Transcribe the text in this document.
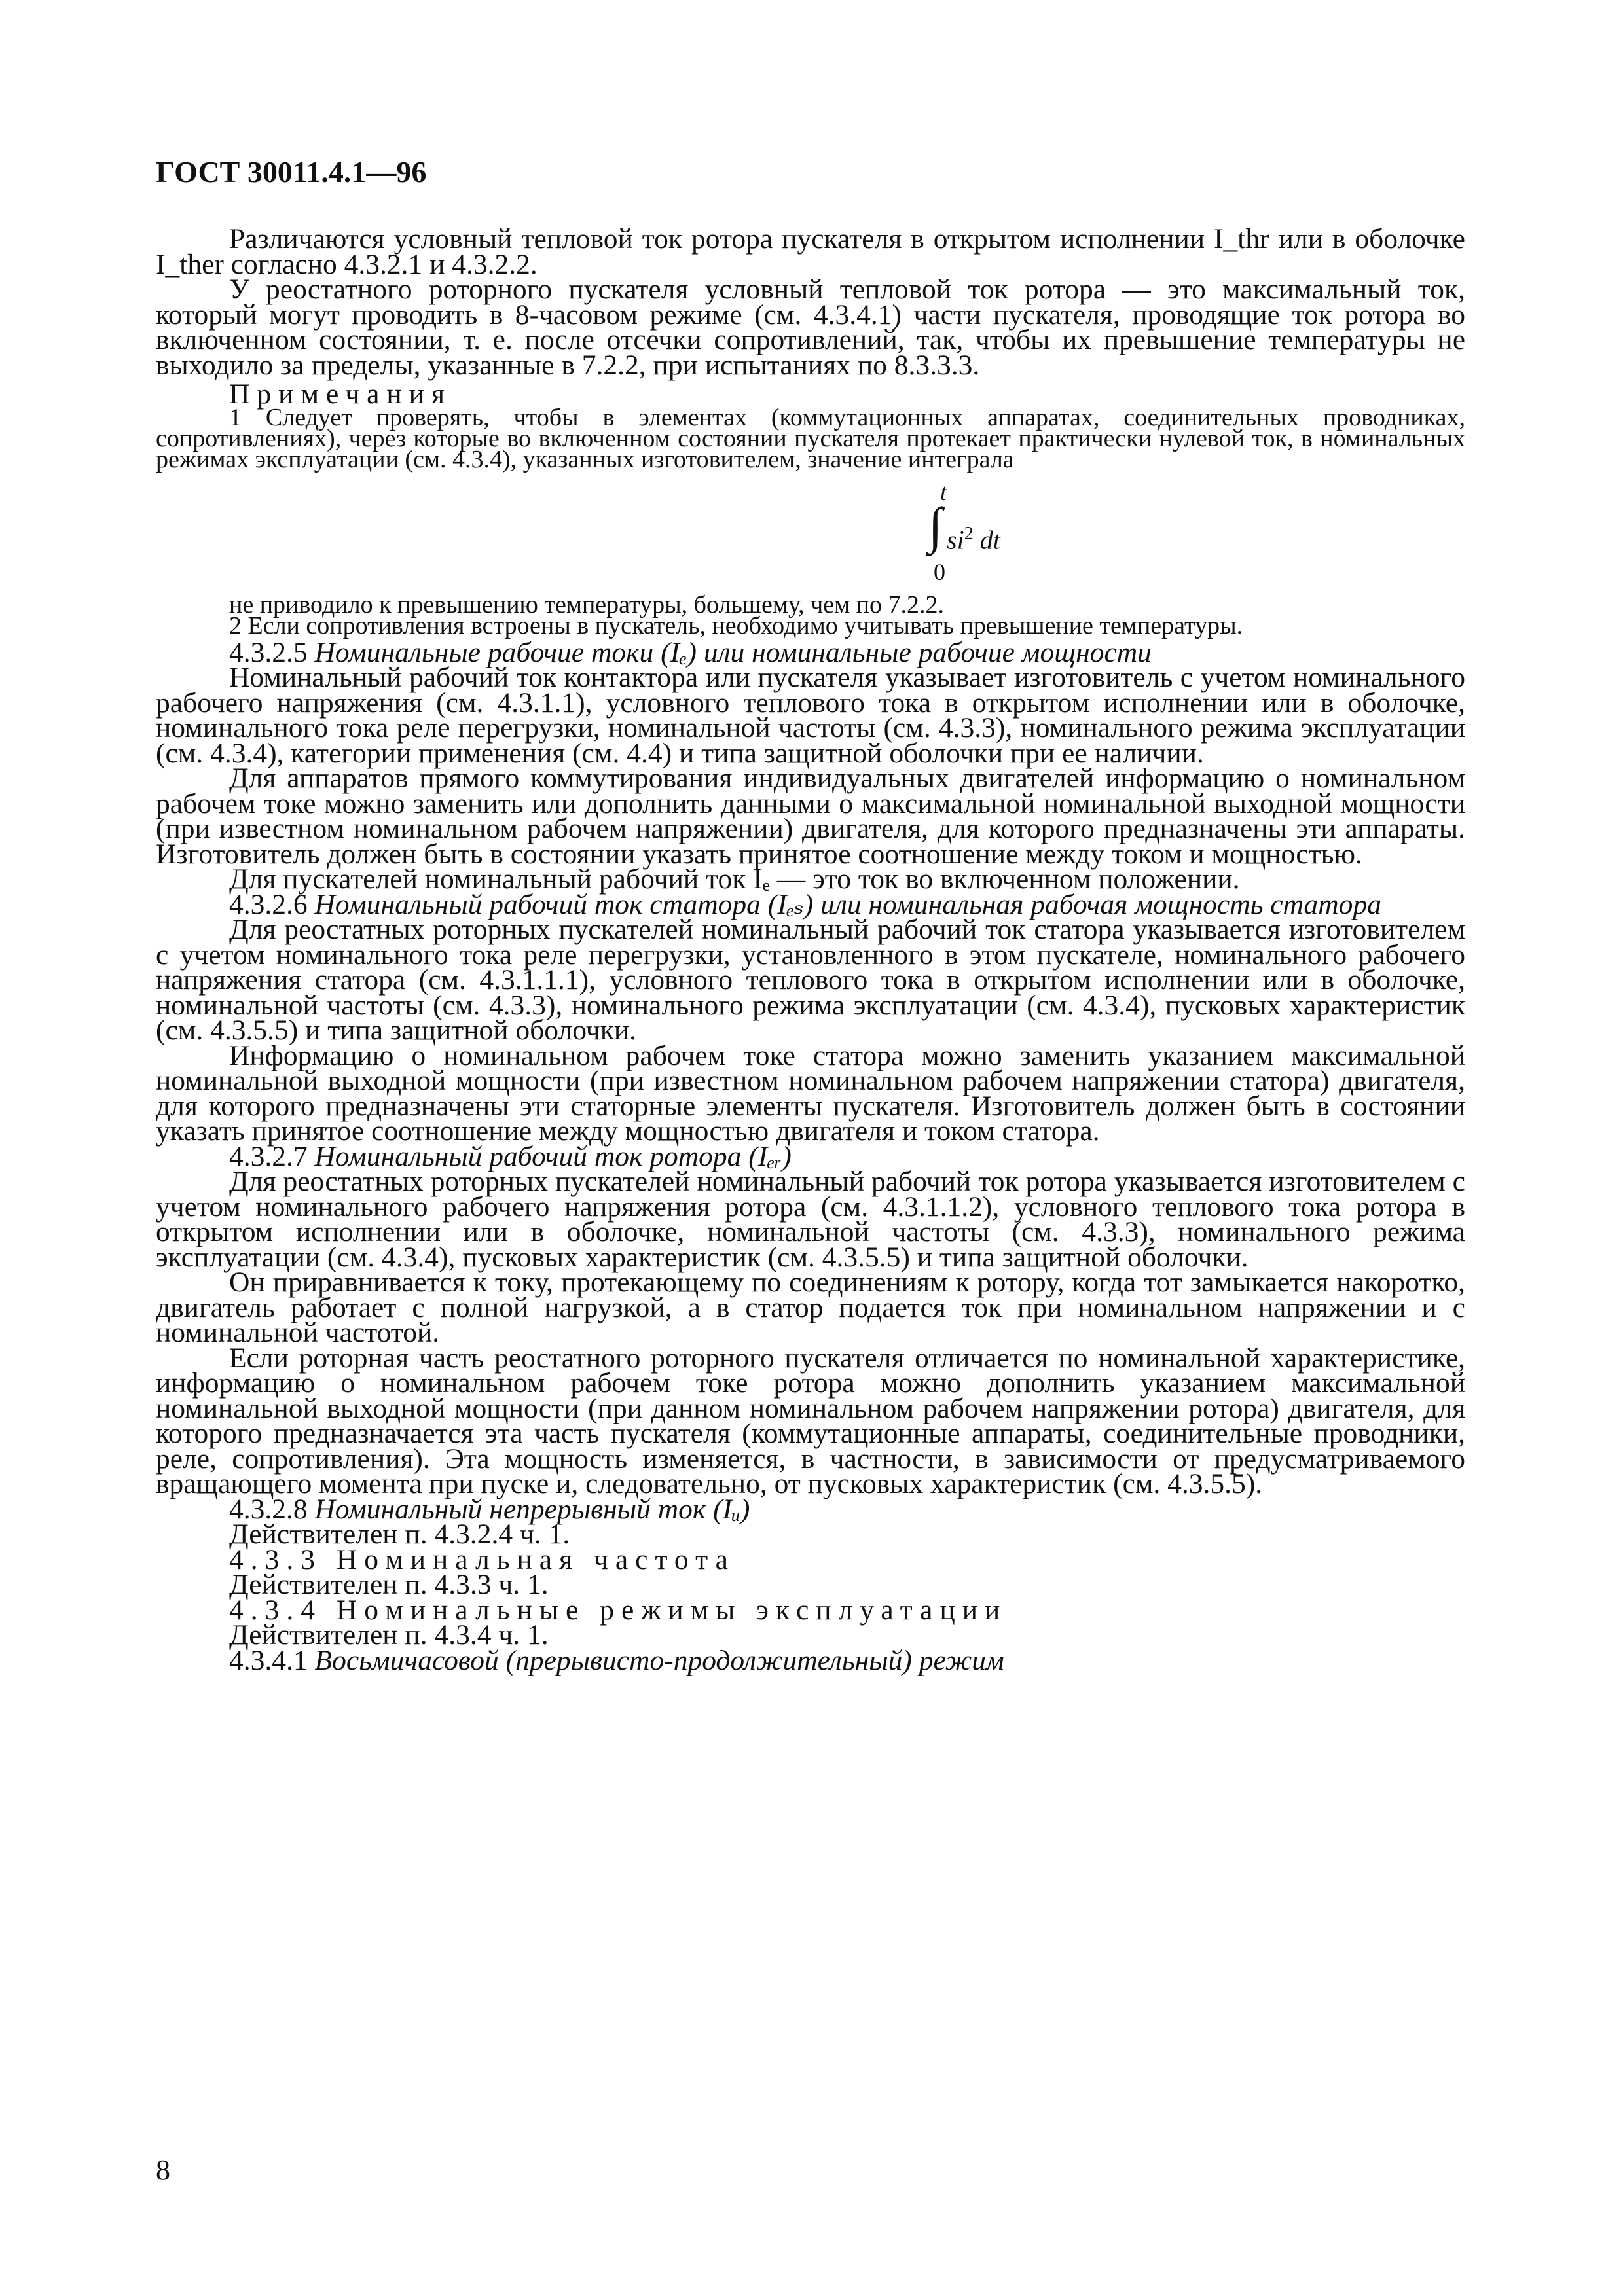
ГОСТ 30011.4.1—96

Различаются условный тепловой ток ротора пускателя в открытом исполнении I_thr или в оболочке I_ther согласно 4.3.2.1 и 4.3.2.2.

У реостатного роторного пускателя условный тепловой ток ротора — это максимальный ток, который могут проводить в 8-часовом режиме (см. 4.3.4.1) части пускателя, проводящие ток ротора во включенном состоянии, т. е. после отсечки сопротивлений, так, чтобы их превышение температуры не выходило за пределы, указанные в 7.2.2, при испытаниях по 8.3.3.3.

Примечания

1 Следует проверять, чтобы в элементах (коммутационных аппаратах, соединительных проводниках, сопротивлениях), через которые во включенном состоянии пускателя протекает практически нулевой ток, в номинальных режимах эксплуатации (см. 4.3.4), указанных изготовителем, значение интеграла

t
∫ $si^2$ dt
0

не приводило к превышению температуры, большему, чем по 7.2.2.

2 Если сопротивления встроены в пускатель, необходимо учитывать превышение температуры.

4.3.2.5 Номинальные рабочие токи (Iₑ) или номинальные рабочие мощности

Номинальный рабочий ток контактора или пускателя указывает изготовитель с учетом номинального рабочего напряжения (см. 4.3.1.1), условного теплового тока в открытом исполнении или в оболочке, номинального тока реле перегрузки, номинальной частоты (см. 4.3.3), номинального режима эксплуатации (см. 4.3.4), категории применения (см. 4.4) и типа защитной оболочки при ее наличии.

Для аппаратов прямого коммутирования индивидуальных двигателей информацию о номинальном рабочем токе можно заменить или дополнить данными о максимальной номинальной выходной мощности (при известном номинальном рабочем напряжении) двигателя, для которого предназначены эти аппараты. Изготовитель должен быть в состоянии указать принятое соотношение между током и мощностью.

Для пускателей номинальный рабочий ток Iₑ — это ток во включенном положении.

4.3.2.6 Номинальный рабочий ток статора (Iₑₛ) или номинальная рабочая мощность статора

Для реостатных роторных пускателей номинальный рабочий ток статора указывается изготовителем с учетом номинального тока реле перегрузки, установленного в этом пускателе, номинального рабочего напряжения статора (см. 4.3.1.1.1), условного теплового тока в открытом исполнении или в оболочке, номинальной частоты (см. 4.3.3), номинального режима эксплуатации (см. 4.3.4), пусковых характеристик (см. 4.3.5.5) и типа защитной оболочки.

Информацию о номинальном рабочем токе статора можно заменить указанием максимальной номинальной выходной мощности (при известном номинальном рабочем напряжении статора) двигателя, для которого предназначены эти статорные элементы пускателя. Изготовитель должен быть в состоянии указать принятое соотношение между мощностью двигателя и током статора.

4.3.2.7 Номинальный рабочий ток ротора (Iₑᵣ)

Для реостатных роторных пускателей номинальный рабочий ток ротора указывается изготовителем с учетом номинального рабочего напряжения ротора (см. 4.3.1.1.2), условного теплового тока ротора в открытом исполнении или в оболочке, номинальной частоты (см. 4.3.3), номинального режима эксплуатации (см. 4.3.4), пусковых характеристик (см. 4.3.5.5) и типа защитной оболочки.

Он приравнивается к току, протекающему по соединениям к ротору, когда тот замыкается накоротко, двигатель работает с полной нагрузкой, а в статор подается ток при номинальном напряжении и с номинальной частотой.

Если роторная часть реостатного роторного пускателя отличается по номинальной характеристике, информацию о номинальном рабочем токе ротора можно дополнить указанием максимальной номинальной выходной мощности (при данном номинальном рабочем напряжении ротора) двигателя, для которого предназначается эта часть пускателя (коммутационные аппараты, соединительные проводники, реле, сопротивления). Эта мощность изменяется, в частности, в зависимости от предусматриваемого вращающего момента при пуске и, следовательно, от пусковых характеристик (см. 4.3.5.5).

4.3.2.8 Номинальный непрерывный ток (Iᵤ)

Действителен п. 4.3.2.4 ч. 1.

4.3.3 Номинальная частота

Действителен п. 4.3.3 ч. 1.

4.3.4 Номинальные режимы эксплуатации

Действителен п. 4.3.4 ч. 1.

4.3.4.1 Восьмичасовой (прерывисто-продолжительный) режим

8
